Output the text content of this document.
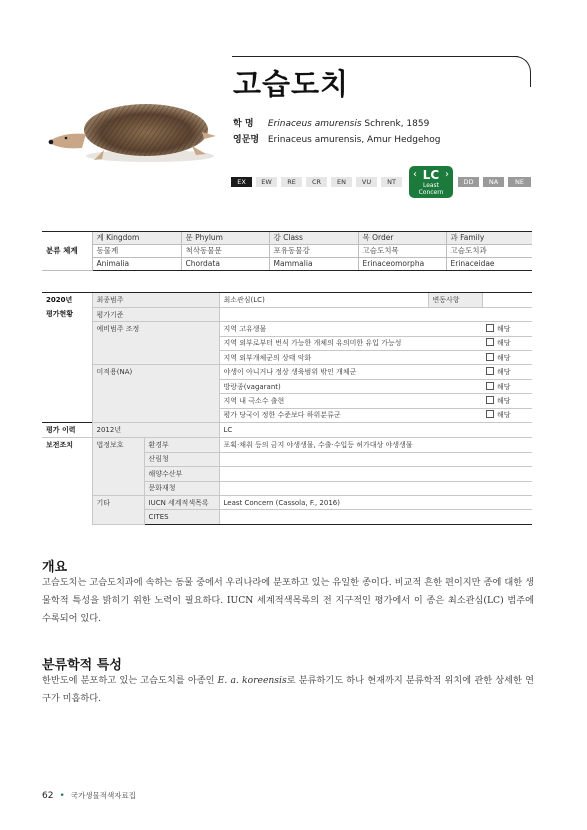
고습도치
학 명 Erinaceus amurensis Schrenk, 1859
영문명 Erinaceus amurensis, Amur Hedgehog
EX	EW	RE	CR	EN	VU	NT
‹ LC
Least
Concern
›
DD	NA	NE
분류 체계	계 Kingdom	문 Phylum	강 Class	목 Order	과 Family
	동물계	척삭동물문	포유동물강	고슴도치목	고슴도치과
	Animalia	Chordata	Mammalia	Erinaceomorpha	Erinaceidae
2020년	최종범주		최소관심(LC)	변동사항	
평가현황	평가기준				
	예비범주 조정		지역 고유생물		해당
			지역 외부로부터 번식 가능한 개체의 유의미한 유입 가능성		해당
			지역 외부개체군의 상태 악화		해당
	미적용(NA)		야생이 아니거나 정상 생육범위 밖인 개체군		해당
			방랑종(vagarant)		해당
			지역 내 극소수 출현		해당
			평가 당국이 정한 수준보다 하위분류군		해당
평가 이력	2012년		LC		
보전조치	법정보호	환경부	포획·채취 등의 금지 야생생물, 수출·수입등 허가대상 야생생물		
		산림청			
		해양수산부			
		문화재청			
	기타	IUCN 세계적색목록	Least Concern (Cassola, F., 2016)		
		CITES			
개요
고슴도치는 고슴도치과에 속하는 동물 중에서 우리나라에 분포하고 있는 유일한 종이다. 비교적 흔한 편이지만 종에 대한 생물학적 특성을 밝히기 위한 노력이 필요하다. IUCN 세계적색목록의 전 지구적인 평가에서 이 종은 최소관심(LC) 범주에 수록되어 있다.
분류학적 특성
한반도에 분포하고 있는 고슴도치를 아종인 E. a. koreensis로 분류하기도 하나 현재까지 분류학적 위치에 관한 상세한 연구가 미흡하다.
62 • 국가생물적색자료집
